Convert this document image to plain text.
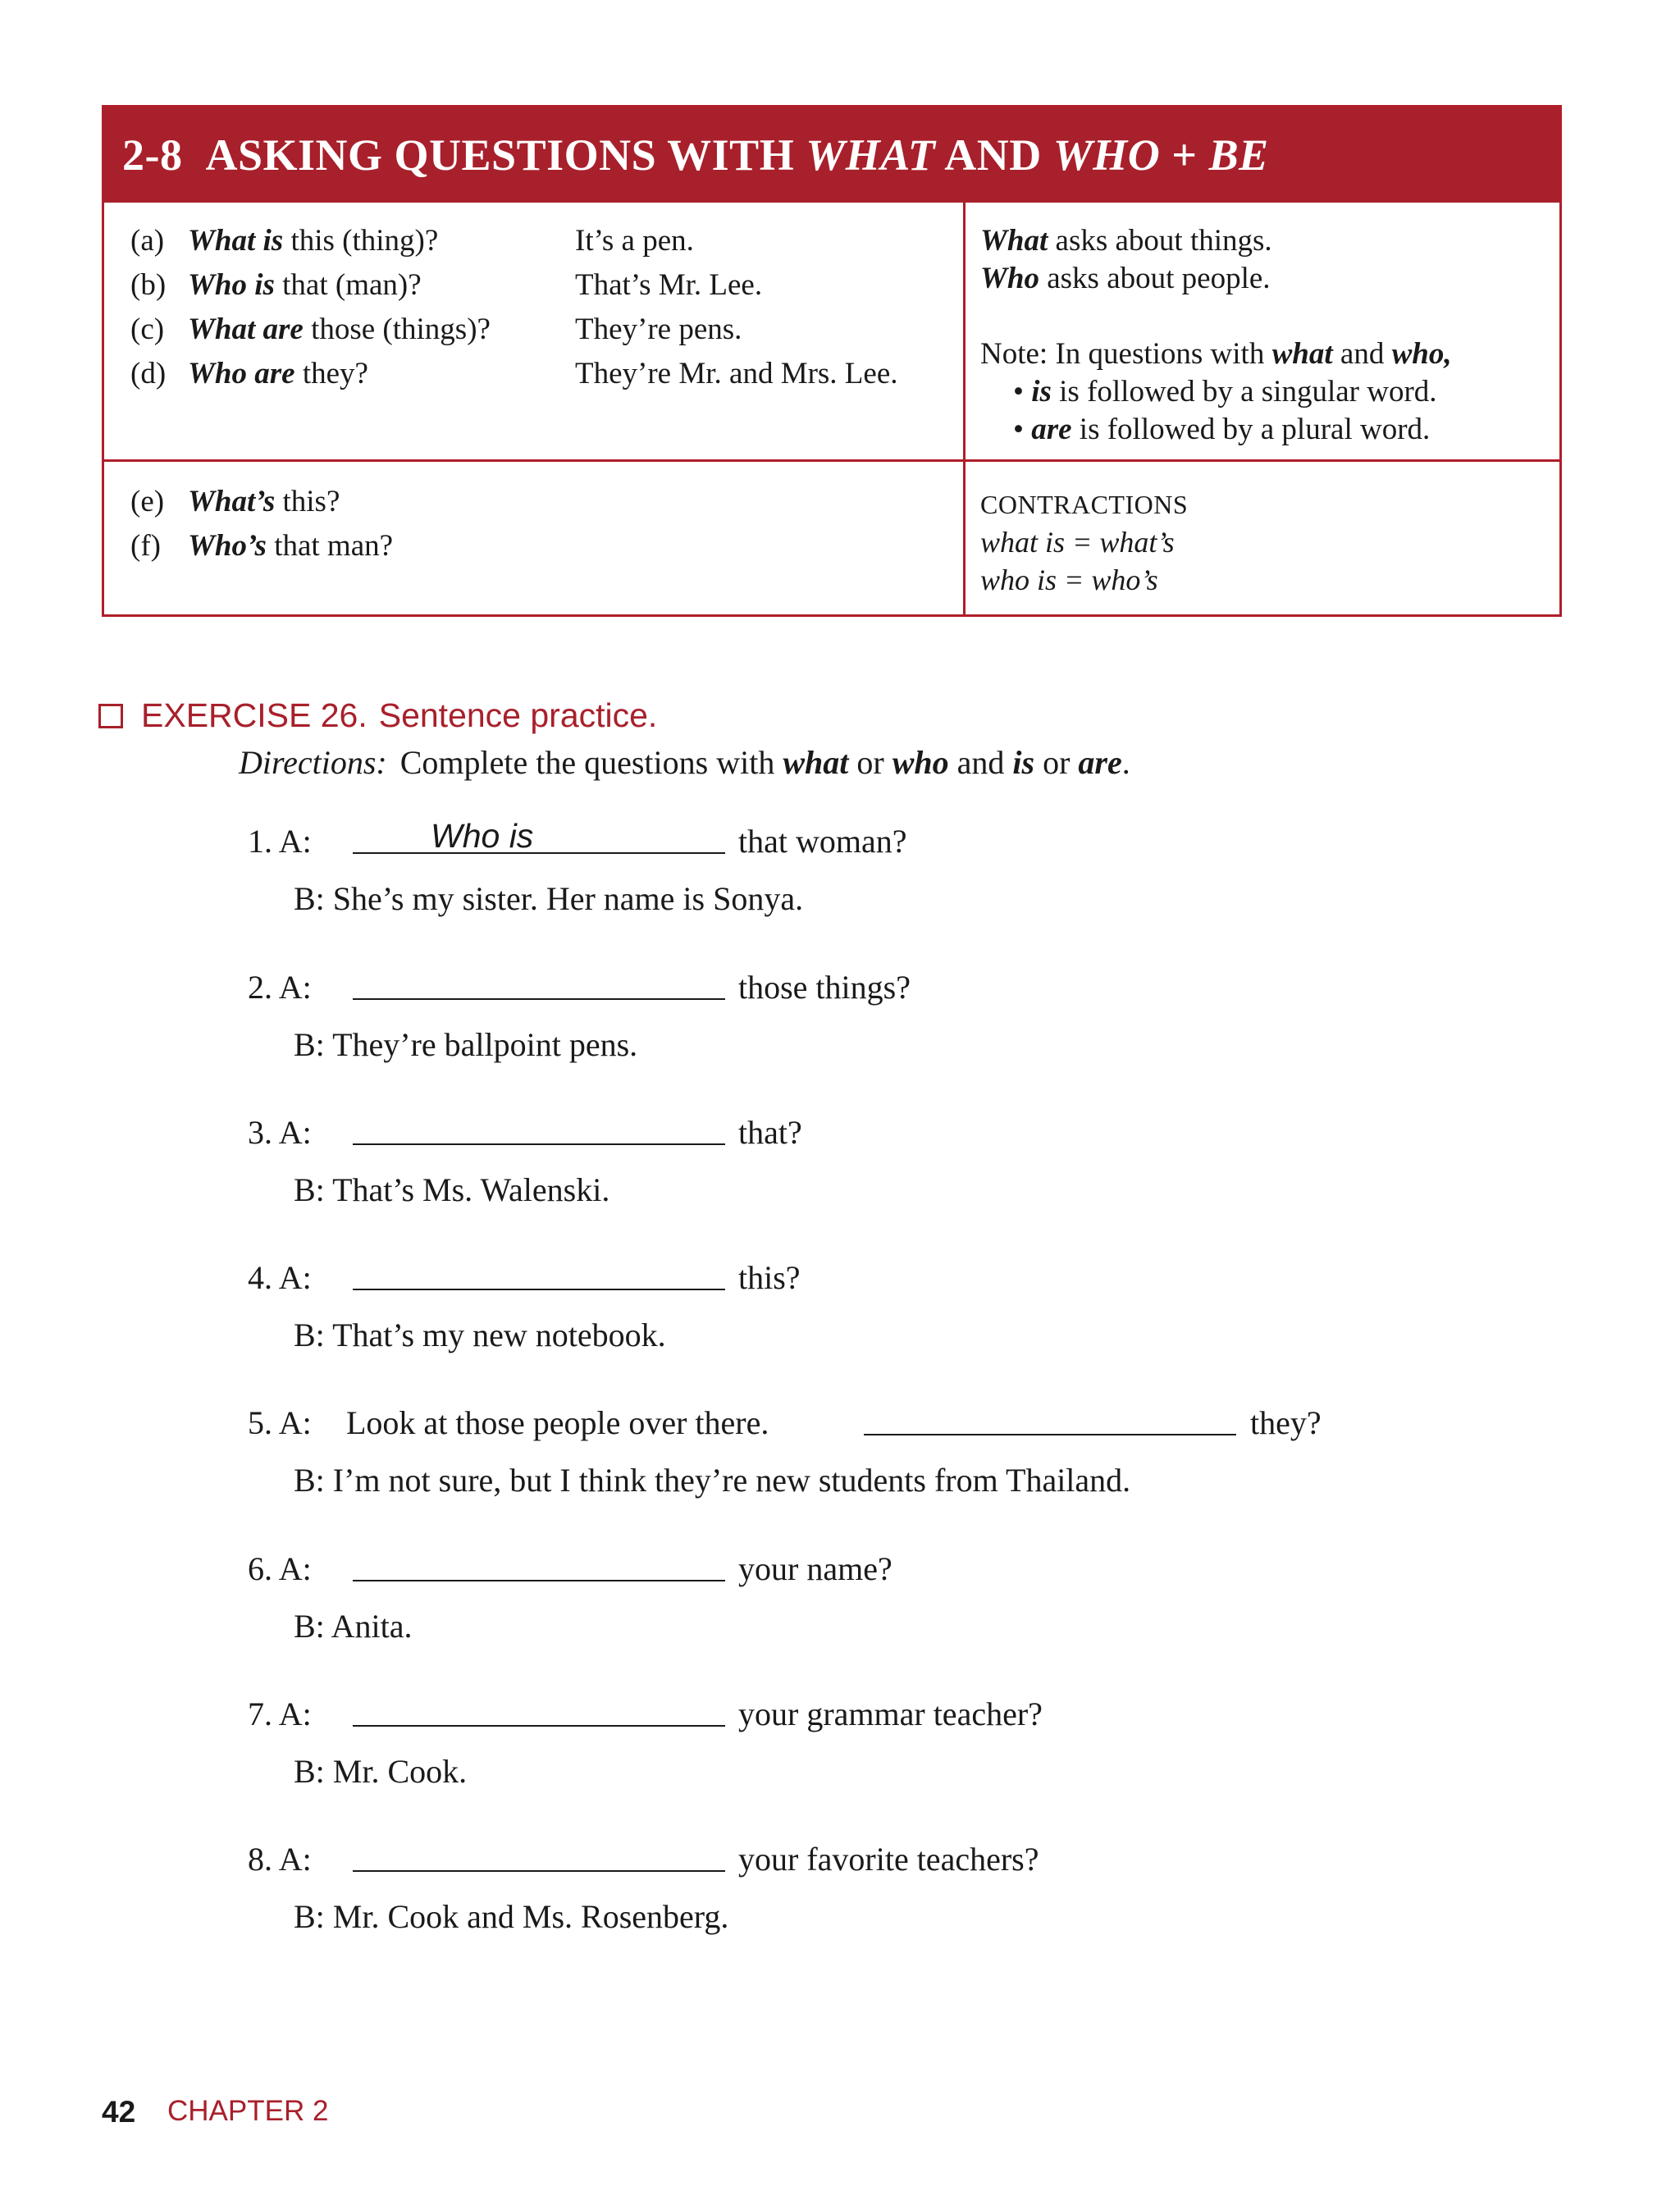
2-8 ASKING QUESTIONS WITH WHAT AND WHO + BE
(a) What is this (thing)?	It’s a pen.
(b) Who is that (man)?	That’s Mr. Lee.
(c) What are those (things)?	They’re pens.
(d) Who are they?	They’re Mr. and Mrs. Lee.
What asks about things.
Who asks about people.
Note: In questions with what and who,
• is is followed by a singular word.
• are is followed by a plural word.
(e) What’s this?
(f) Who’s that man?
CONTRACTIONS
what is = what’s
who is = who’s
EXERCISE 26. Sentence practice.
Directions: Complete the questions with what or who and is or are.
1. A:	Who is	that woman?
B: She’s my sister. Her name is Sonya.
2. A:	those things?
B: They’re ballpoint pens.
3. A:	that?
B: That’s Ms. Walenski.
4. A:	this?
B: That’s my new notebook.
5. A: Look at those people over there.	they?
B: I’m not sure, but I think they’re new students from Thailand.
6. A:	your name?
B: Anita.
7. A:	your grammar teacher?
B: Mr. Cook.
8. A:	your favorite teachers?
B: Mr. Cook and Ms. Rosenberg.
42 CHAPTER 2
